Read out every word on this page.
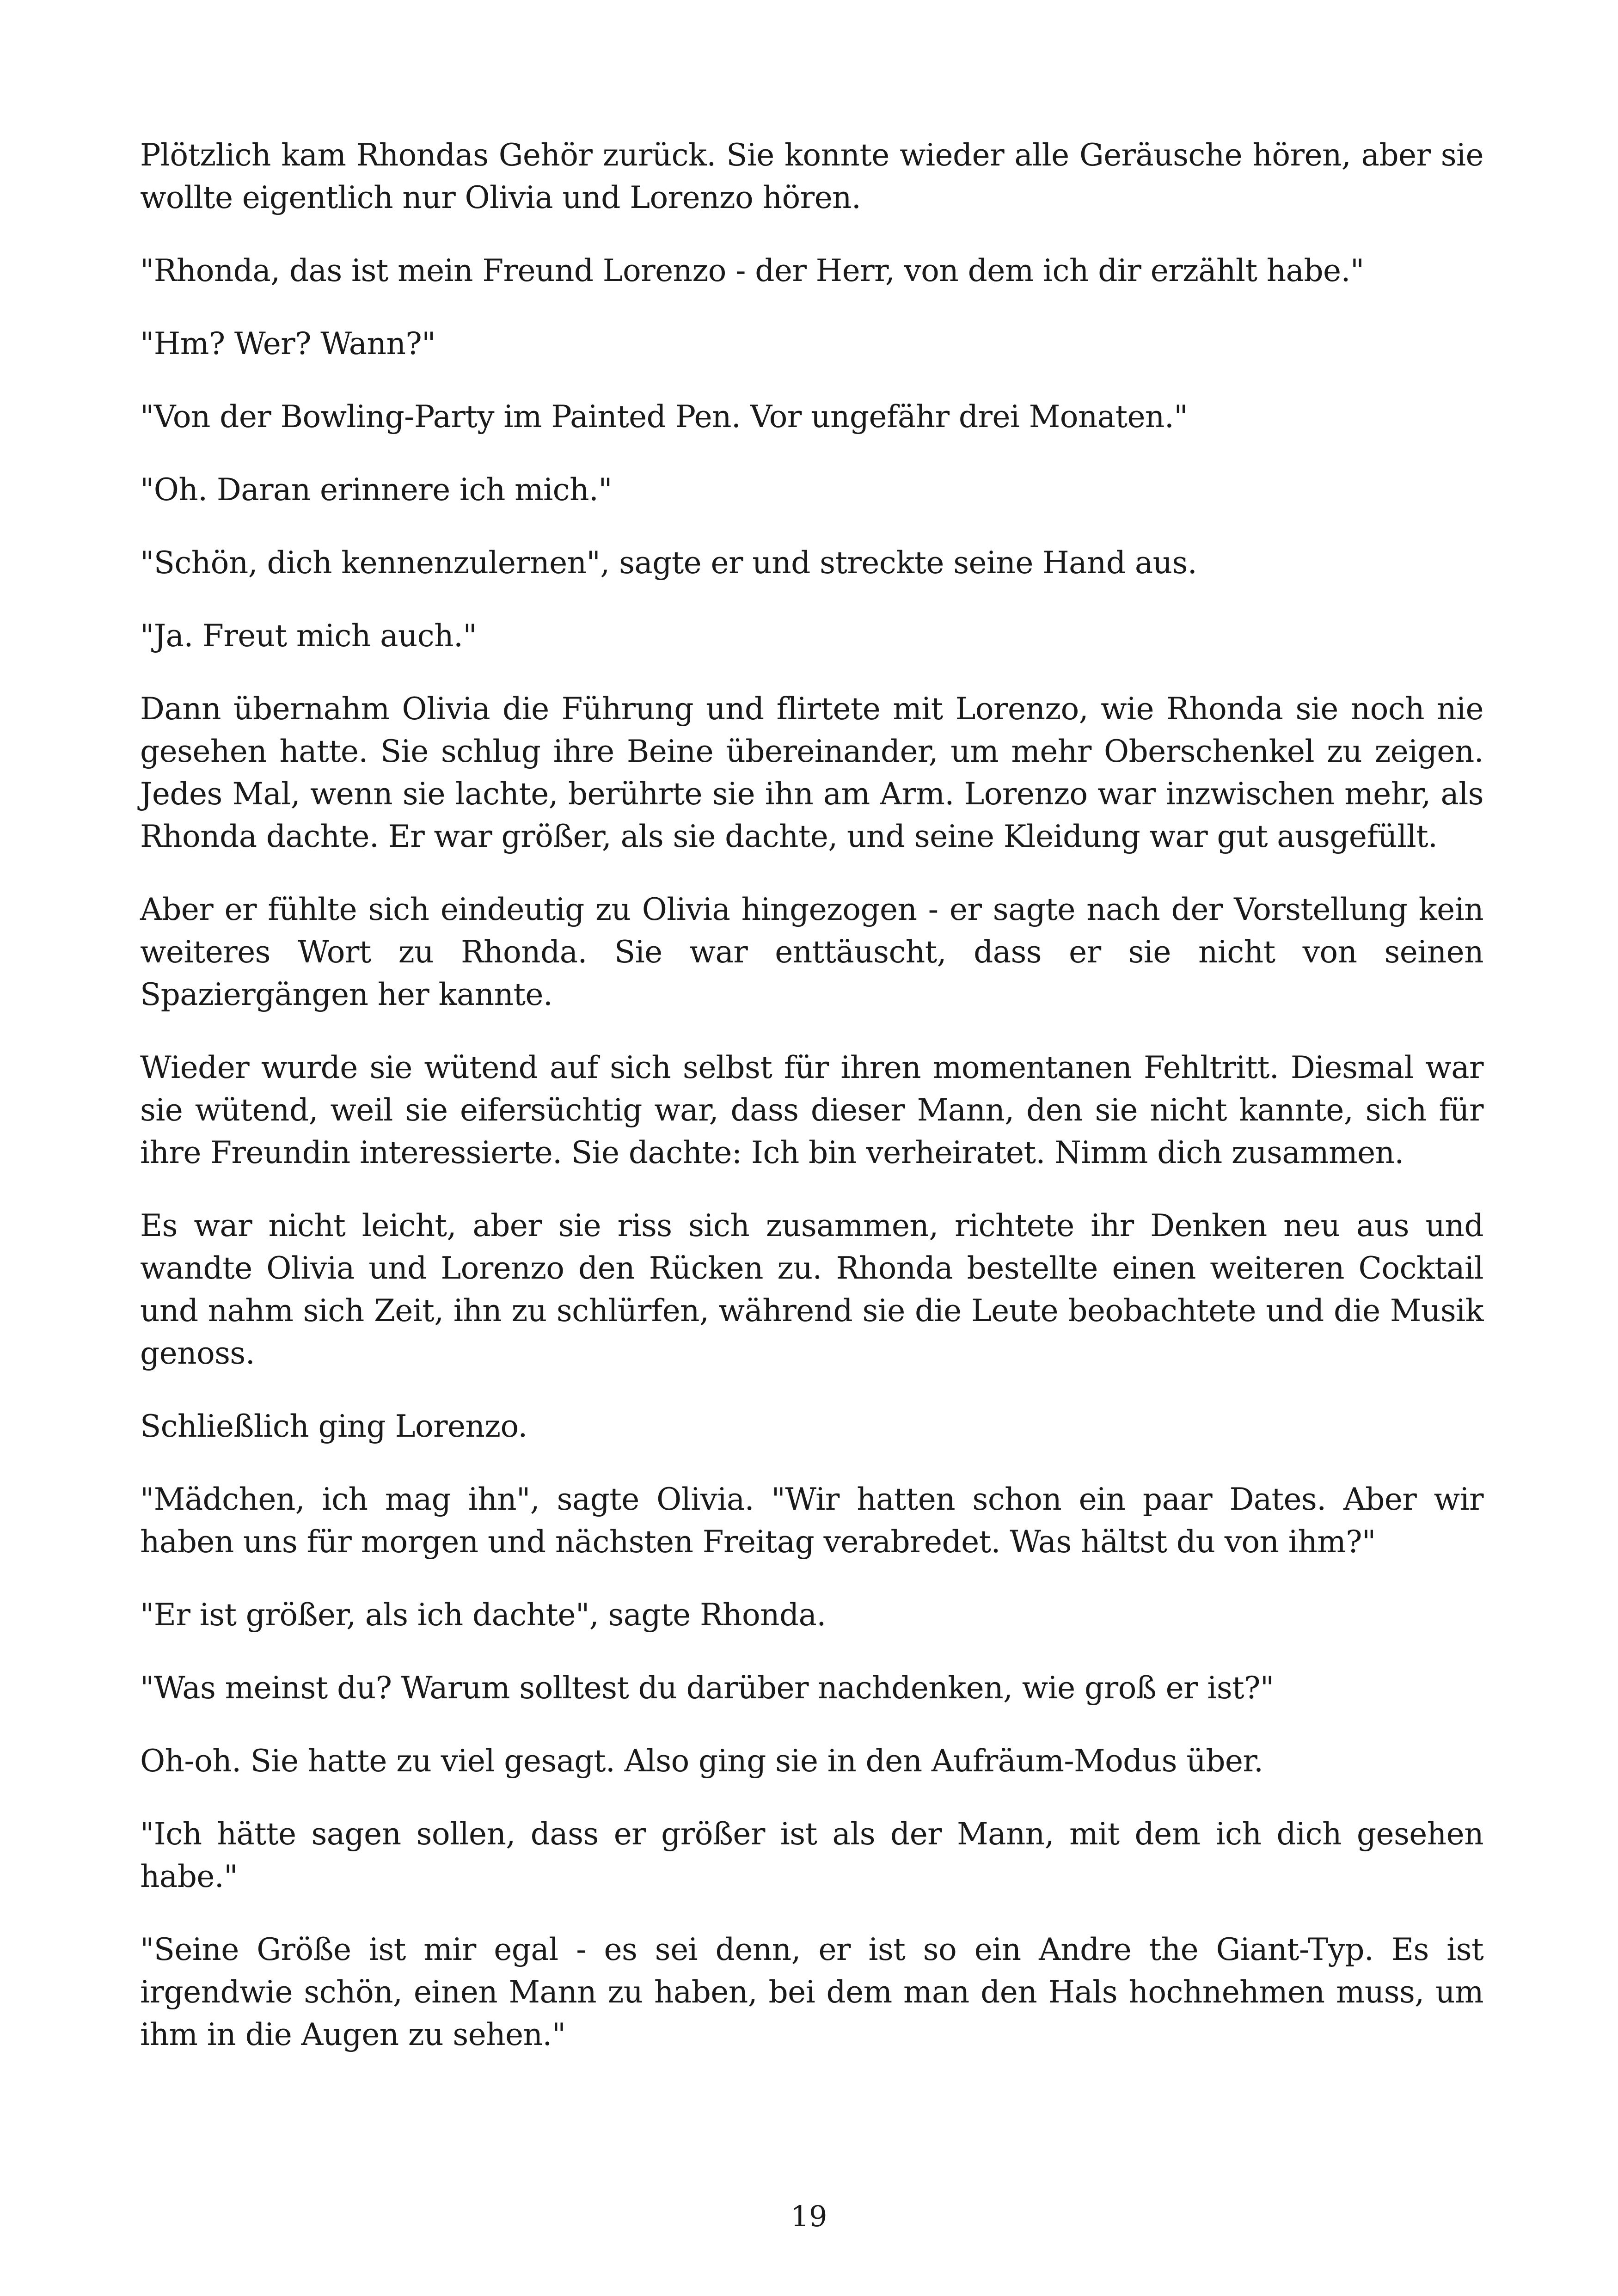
Plötzlich kam Rhondas Gehör zurück. Sie konnte wieder alle Geräusche hören, aber sie wollte eigentlich nur Olivia und Lorenzo hören.

"Rhonda, das ist mein Freund Lorenzo - der Herr, von dem ich dir erzählt habe."

"Hm? Wer? Wann?"

"Von der Bowling-Party im Painted Pen. Vor ungefähr drei Monaten."

"Oh. Daran erinnere ich mich."

"Schön, dich kennenzulernen", sagte er und streckte seine Hand aus.

"Ja. Freut mich auch."

Dann übernahm Olivia die Führung und flirtete mit Lorenzo, wie Rhonda sie noch nie gesehen hatte. Sie schlug ihre Beine übereinander, um mehr Oberschenkel zu zeigen. Jedes Mal, wenn sie lachte, berührte sie ihn am Arm. Lorenzo war inzwischen mehr, als Rhonda dachte. Er war größer, als sie dachte, und seine Kleidung war gut ausgefüllt.

Aber er fühlte sich eindeutig zu Olivia hingezogen - er sagte nach der Vorstellung kein weiteres Wort zu Rhonda. Sie war enttäuscht, dass er sie nicht von seinen Spaziergängen her kannte.

Wieder wurde sie wütend auf sich selbst für ihren momentanen Fehltritt. Diesmal war sie wütend, weil sie eifersüchtig war, dass dieser Mann, den sie nicht kannte, sich für ihre Freundin interessierte. Sie dachte: Ich bin verheiratet. Nimm dich zusammen.

Es war nicht leicht, aber sie riss sich zusammen, richtete ihr Denken neu aus und wandte Olivia und Lorenzo den Rücken zu. Rhonda bestellte einen weiteren Cocktail und nahm sich Zeit, ihn zu schlürfen, während sie die Leute beobachtete und die Musik genoss.

Schließlich ging Lorenzo.

"Mädchen, ich mag ihn", sagte Olivia. "Wir hatten schon ein paar Dates. Aber wir haben uns für morgen und nächsten Freitag verabredet. Was hältst du von ihm?"

"Er ist größer, als ich dachte", sagte Rhonda.

"Was meinst du? Warum solltest du darüber nachdenken, wie groß er ist?"

Oh-oh. Sie hatte zu viel gesagt. Also ging sie in den Aufräum-Modus über.

"Ich hätte sagen sollen, dass er größer ist als der Mann, mit dem ich dich gesehen habe."

"Seine Größe ist mir egal - es sei denn, er ist so ein Andre the Giant-Typ. Es ist irgendwie schön, einen Mann zu haben, bei dem man den Hals hochnehmen muss, um ihm in die Augen zu sehen."

19
